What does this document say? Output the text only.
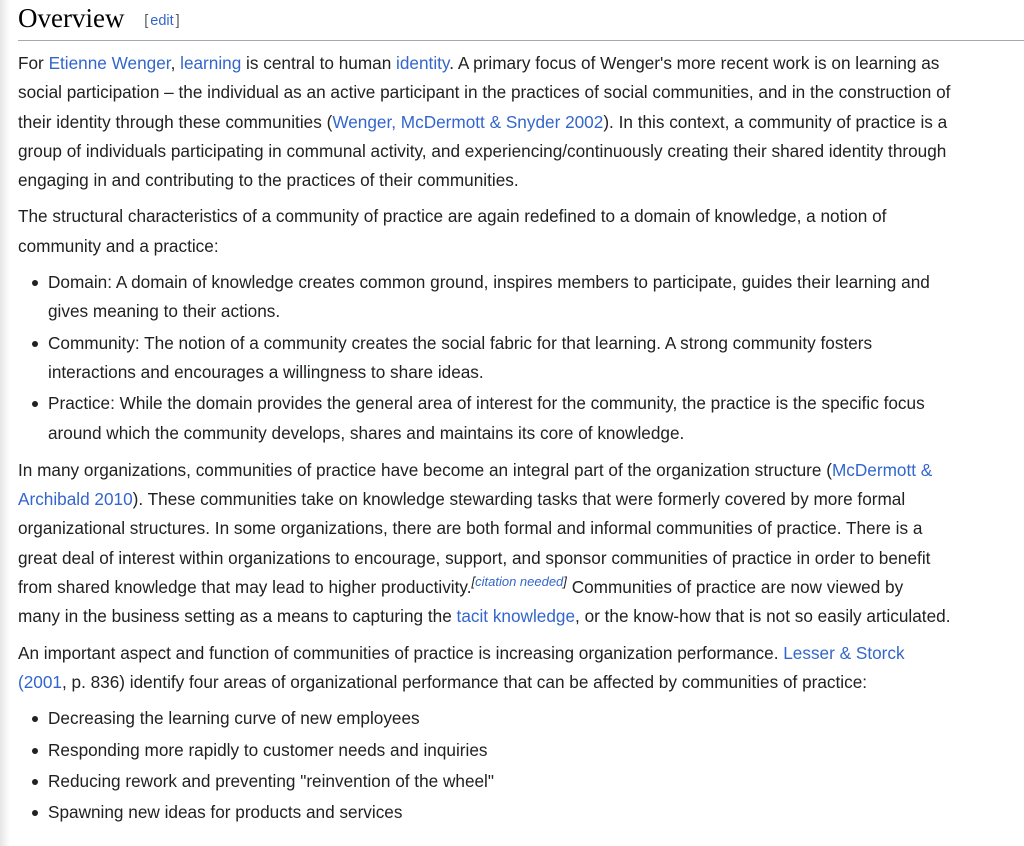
Overview [ edit ]

For Etienne Wenger, learning is central to human identity. A primary focus of Wenger's more recent work is on learning as
social participation – the individual as an active participant in the practices of social communities, and in the construction of
their identity through these communities (Wenger, McDermott & Snyder 2002). In this context, a community of practice is a
group of individuals participating in communal activity, and experiencing/continuously creating their shared identity through
engaging in and contributing to the practices of their communities.

The structural characteristics of a community of practice are again redefined to a domain of knowledge, a notion of
community and a practice:

Domain: A domain of knowledge creates common ground, inspires members to participate, guides their learning and
gives meaning to their actions.
Community: The notion of a community creates the social fabric for that learning. A strong community fosters
interactions and encourages a willingness to share ideas.
Practice: While the domain provides the general area of interest for the community, the practice is the specific focus
around which the community develops, shares and maintains its core of knowledge.

In many organizations, communities of practice have become an integral part of the organization structure (McDermott &
Archibald 2010). These communities take on knowledge stewarding tasks that were formerly covered by more formal
organizational structures. In some organizations, there are both formal and informal communities of practice. There is a
great deal of interest within organizations to encourage, support, and sponsor communities of practice in order to benefit
from shared knowledge that may lead to higher productivity.[citation needed] Communities of practice are now viewed by
many in the business setting as a means to capturing the tacit knowledge, or the know-how that is not so easily articulated.

An important aspect and function of communities of practice is increasing organization performance. Lesser & Storck
(2001, p. 836) identify four areas of organizational performance that can be affected by communities of practice:

Decreasing the learning curve of new employees
Responding more rapidly to customer needs and inquiries
Reducing rework and preventing "reinvention of the wheel"
Spawning new ideas for products and services
